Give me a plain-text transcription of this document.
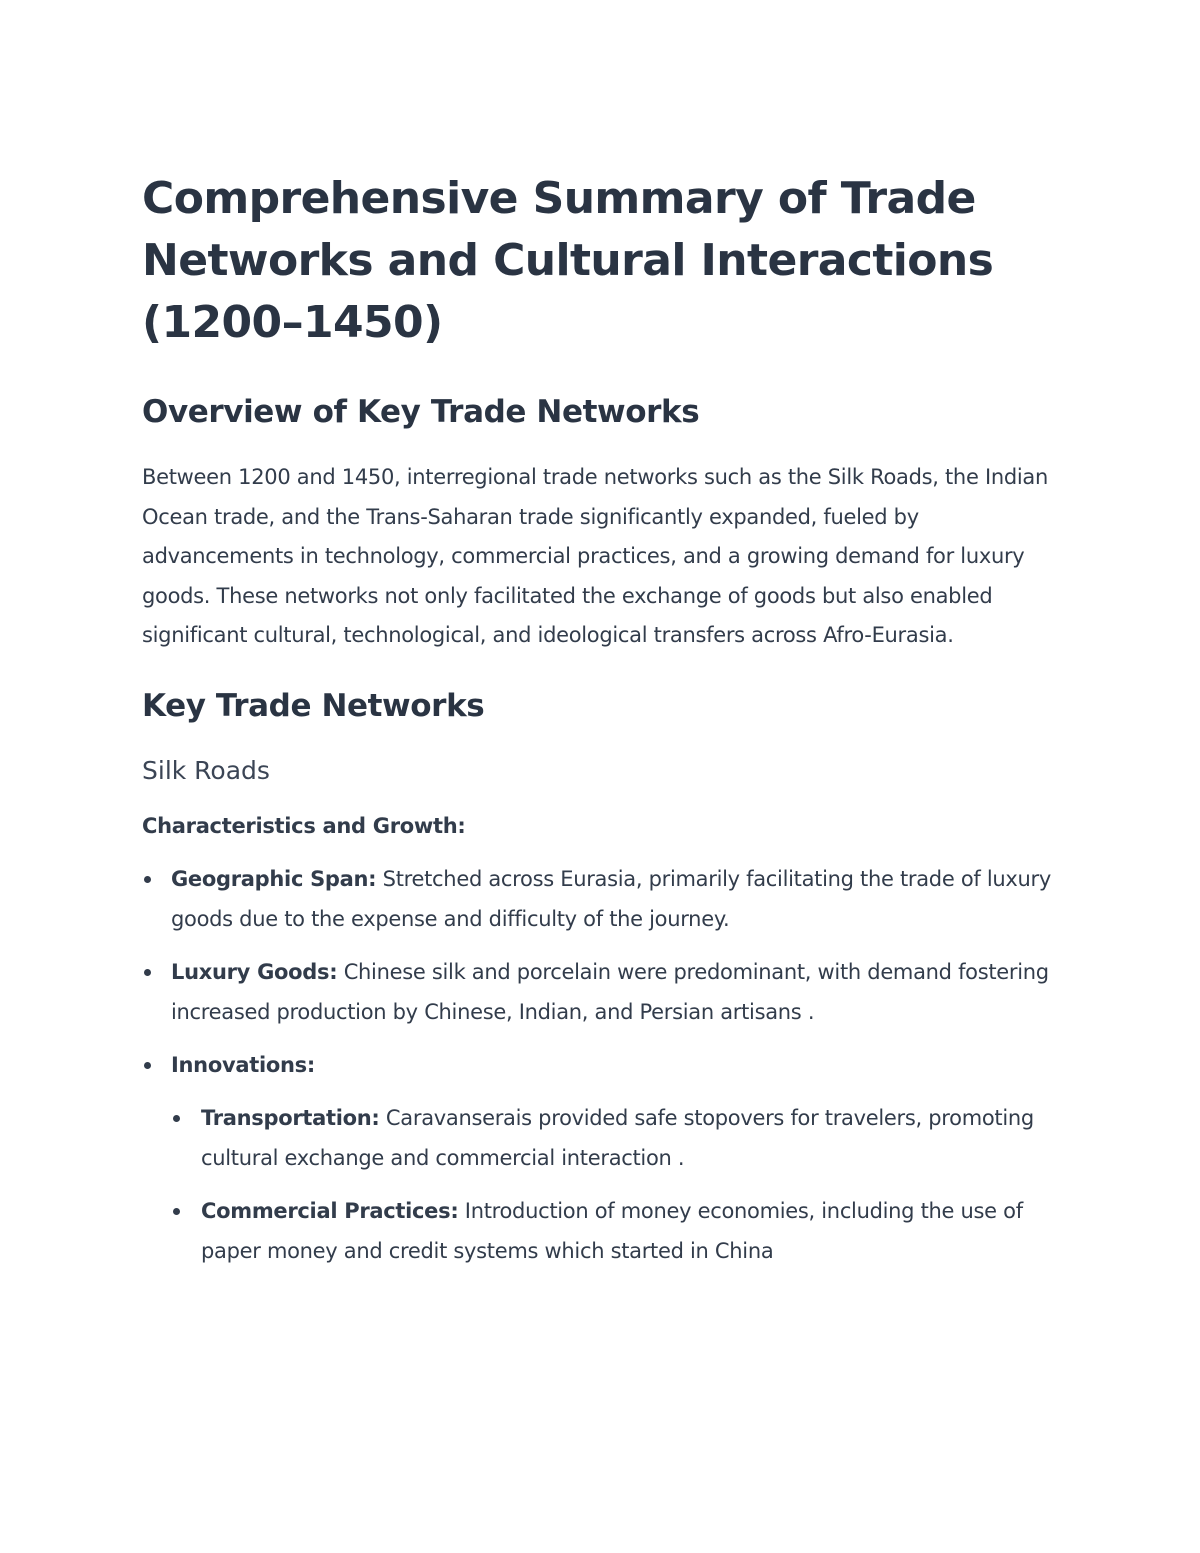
Comprehensive Summary of Trade Networks and Cultural Interactions (1200–1450)
Overview of Key Trade Networks

Between 1200 and 1450, interregional trade networks such as the Silk Roads, the Indian Ocean trade, and the Trans-Saharan trade significantly expanded, fueled by advancements in technology, commercial practices, and a growing demand for luxury goods. These networks not only facilitated the exchange of goods but also enabled significant cultural, technological, and ideological transfers across Afro-Eurasia.

Key Trade Networks
Silk Roads

Characteristics and Growth:

Geographic Span: Stretched across Eurasia, primarily facilitating the trade of luxury goods due to the expense and difficulty of the journey.
Luxury Goods: Chinese silk and porcelain were predominant, with demand fostering increased production by Chinese, Indian, and Persian artisans .
Innovations:
Transportation: Caravanserais provided safe stopovers for travelers, promoting cultural exchange and commercial interaction .
Commercial Practices: Introduction of money economies, including the use of paper money and credit systems which started in China
